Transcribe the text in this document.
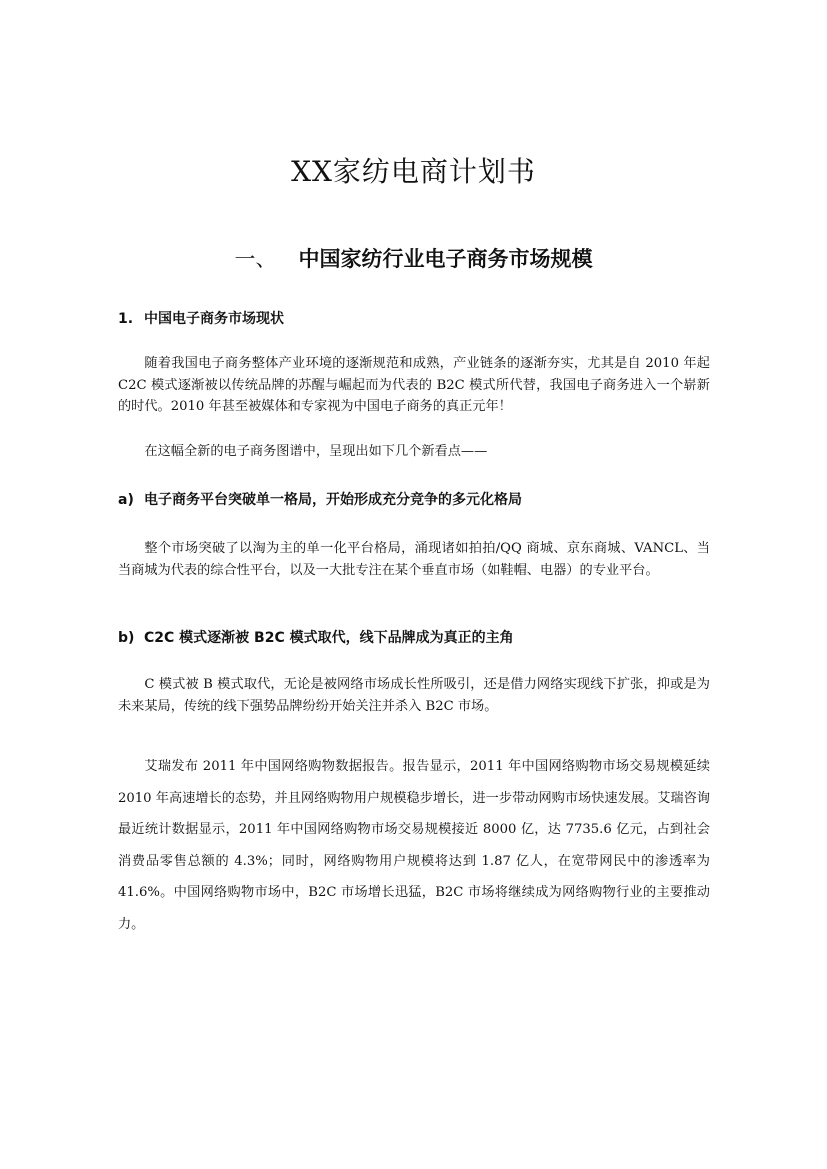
XX家纺电商计划书
一、 中国家纺行业电子商务市场规模
1. 中国电子商务市场现状

随着我国电子商务整体产业环境的逐渐规范和成熟，产业链条的逐渐夯实，尤其是自 2010 年起 C2C 模式逐渐被以传统品牌的苏醒与崛起而为代表的 B2C 模式所代替，我国电子商务进入一个崭新的时代。2010 年甚至被媒体和专家视为中国电子商务的真正元年！

在这幅全新的电子商务图谱中，呈现出如下几个新看点——

a) 电子商务平台突破单一格局，开始形成充分竞争的多元化格局

整个市场突破了以淘为主的单一化平台格局，涌现诸如拍拍/QQ 商城、京东商城、VANCL、当当商城为代表的综合性平台，以及一大批专注在某个垂直市场（如鞋帽、电器）的专业平台。

b) C2C 模式逐渐被 B2C 模式取代，线下品牌成为真正的主角

C 模式被 B 模式取代，无论是被网络市场成长性所吸引，还是借力网络实现线下扩张，抑或是为未来某局，传统的线下强势品牌纷纷开始关注并杀入 B2C 市场。

艾瑞发布 2011 年中国网络购物数据报告。报告显示，2011 年中国网络购物市场交易规模延续 2010 年高速增长的态势，并且网络购物用户规模稳步增长，进一步带动网购市场快速发展。艾瑞咨询最近统计数据显示，2011 年中国网络购物市场交易规模接近 8000 亿，达 7735.6 亿元，占到社会消费品零售总额的 4.3%；同时，网络购物用户规模将达到 1.87 亿人，在宽带网民中的渗透率为 41.6%。中国网络购物市场中，B2C 市场增长迅猛，B2C 市场将继续成为网络购物行业的主要推动力。
